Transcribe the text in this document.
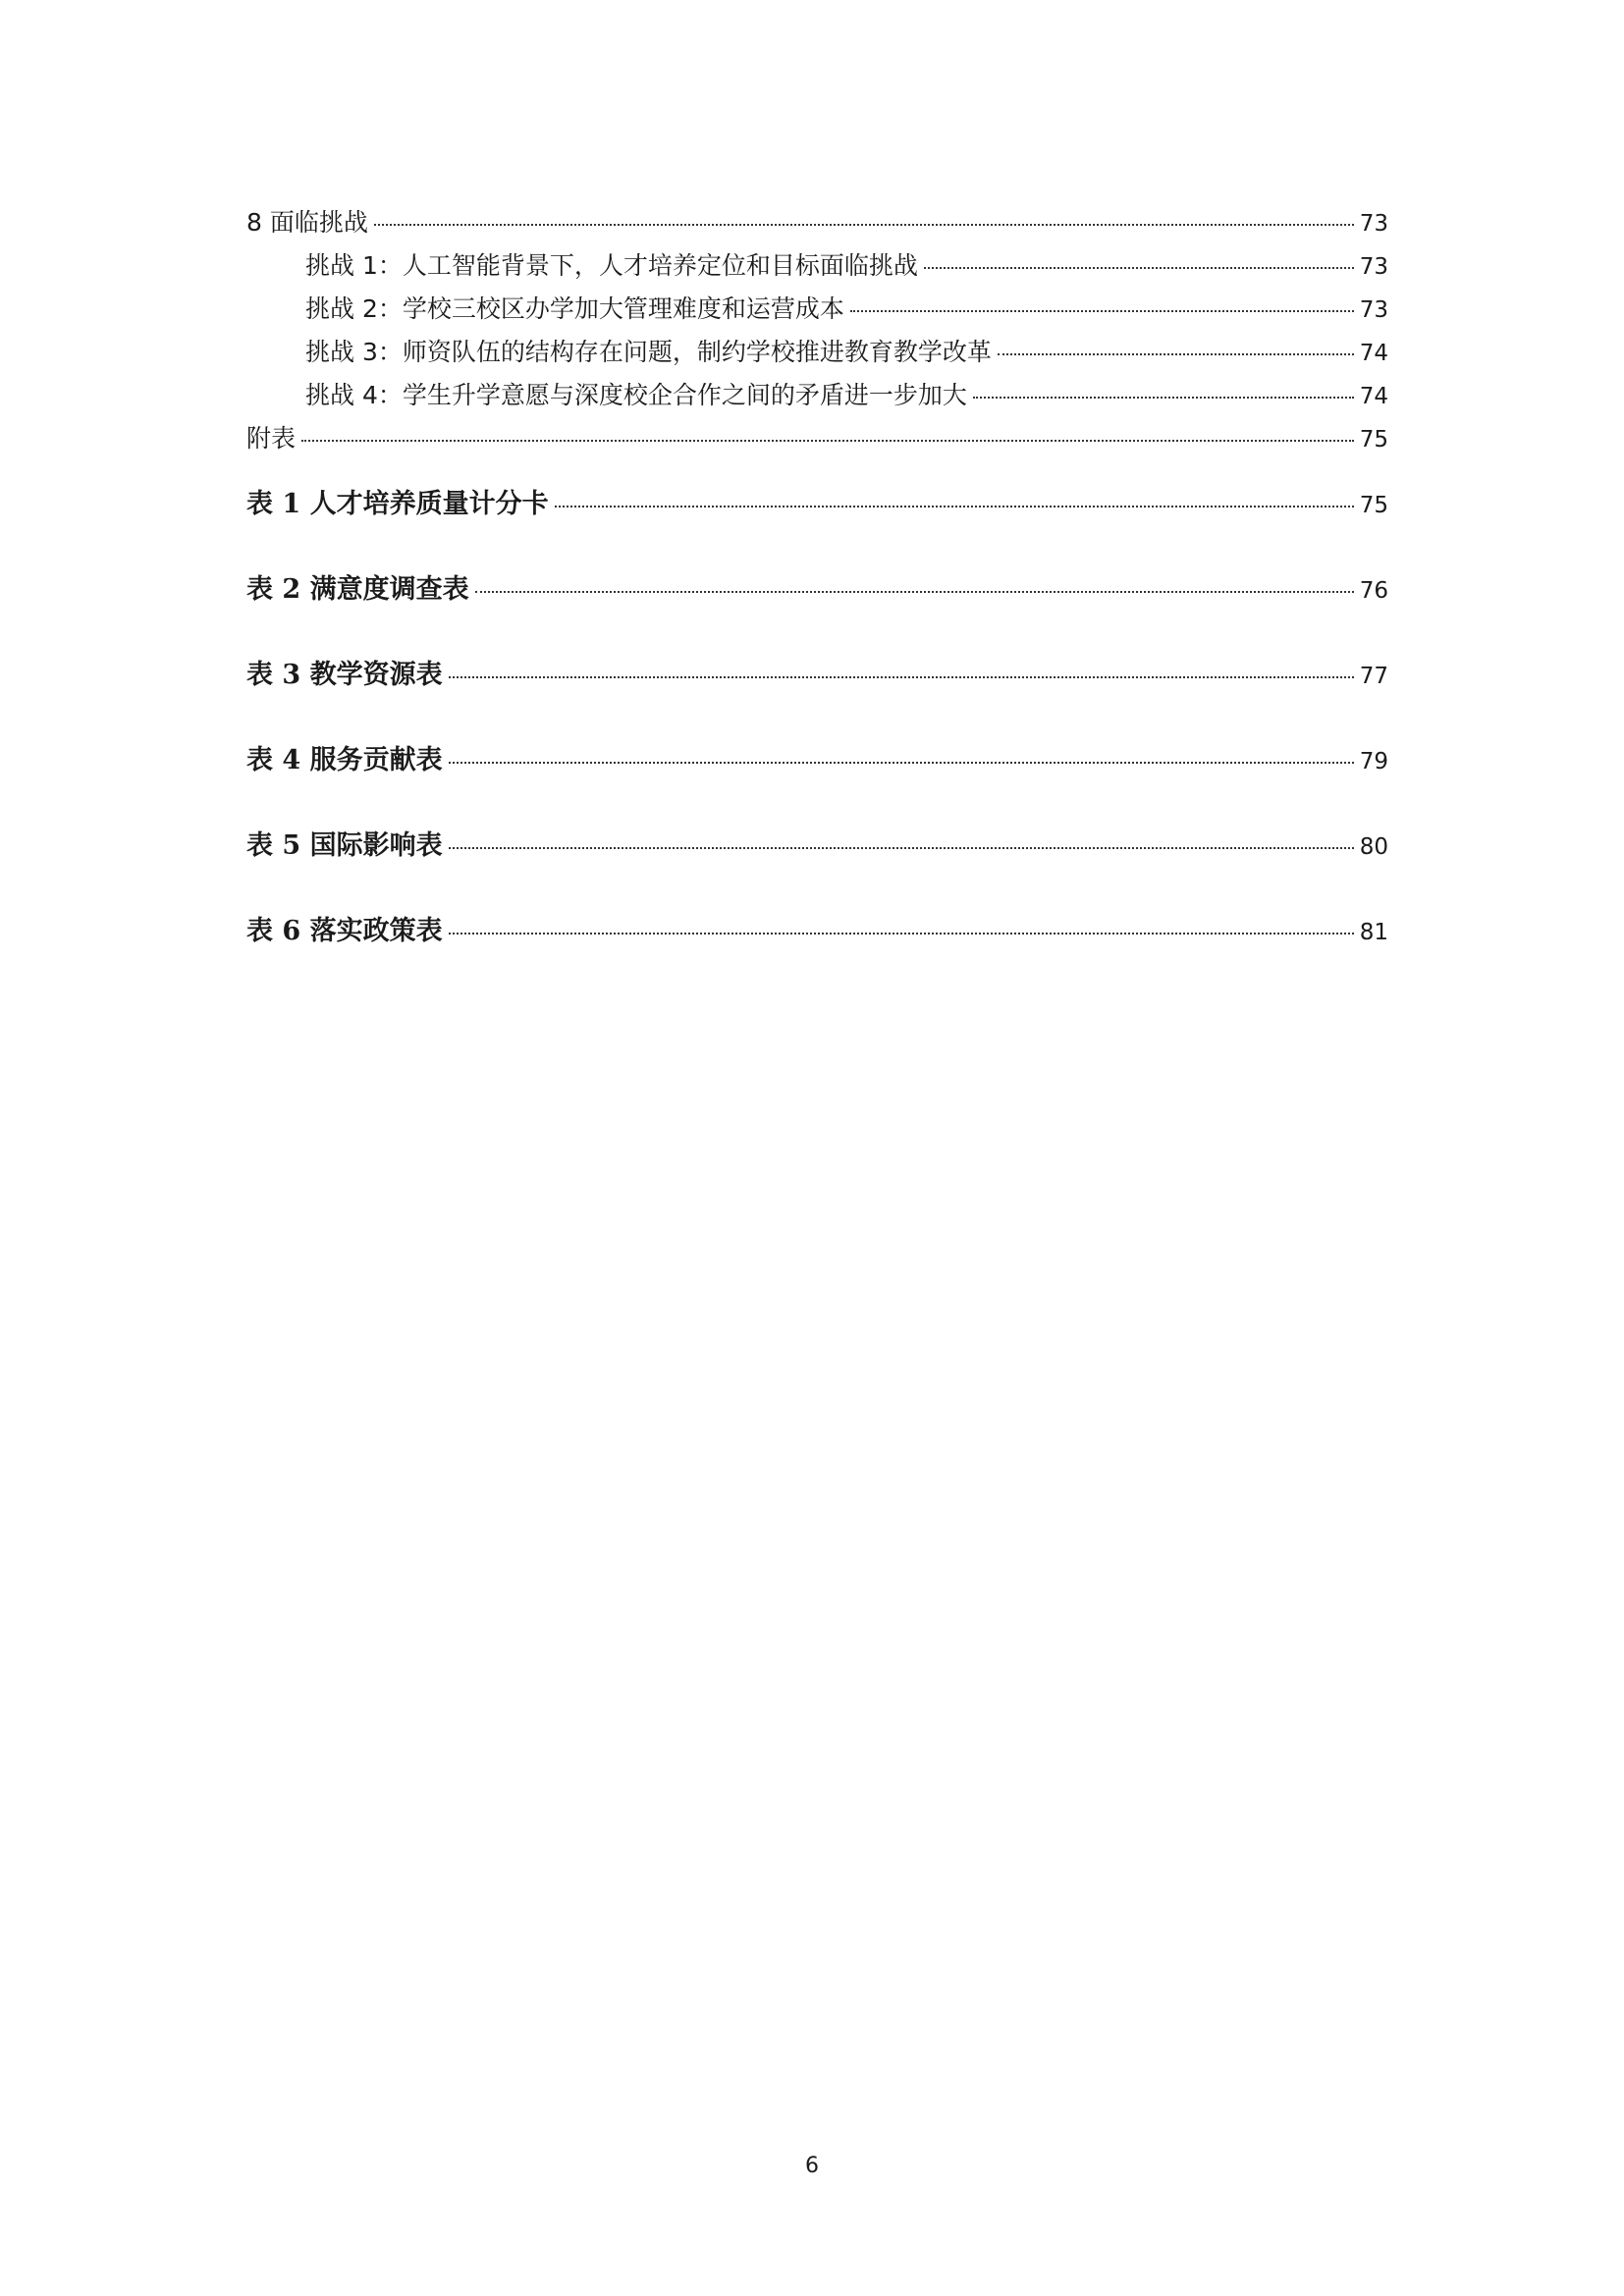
8 面临挑战	73
挑战 1：人工智能背景下，人才培养定位和目标面临挑战	73
挑战 2：学校三校区办学加大管理难度和运营成本	73
挑战 3：师资队伍的结构存在问题，制约学校推进教育教学改革	74
挑战 4：学生升学意愿与深度校企合作之间的矛盾进一步加大	74
附表	75
表 1 人才培养质量计分卡	75
表 2 满意度调查表	76
表 3 教学资源表	77
表 4 服务贡献表	79
表 5 国际影响表	80
表 6 落实政策表	81
6
